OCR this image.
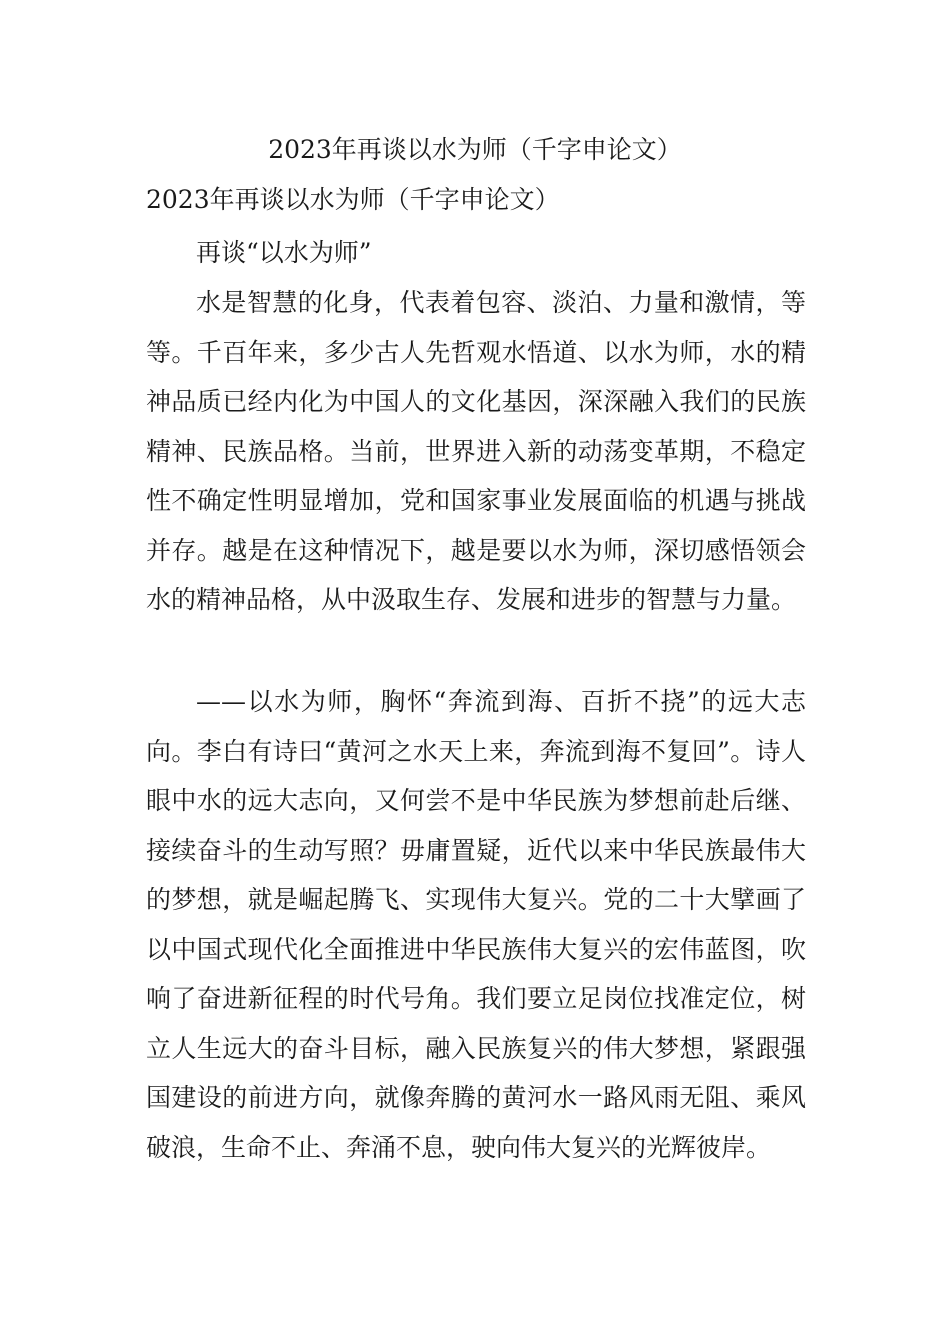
2023年再谈以水为师（千字申论文）
2023年再谈以水为师（千字申论文）

再谈“以水为师”

水是智慧的化身，代表着包容、淡泊、力量和激情，等等。千百年来，多少古人先哲观水悟道、以水为师，水的精神品质已经内化为中国人的文化基因，深深融入我们的民族精神、民族品格。当前，世界进入新的动荡变革期，不稳定性不确定性明显增加，党和国家事业发展面临的机遇与挑战并存。越是在这种情况下，越是要以水为师，深切感悟领会水的精神品格，从中汲取生存、发展和进步的智慧与力量。

——以水为师，胸怀“奔流到海、百折不挠”的远大志向。李白有诗曰“黄河之水天上来，奔流到海不复回”。诗人眼中水的远大志向，又何尝不是中华民族为梦想前赴后继、接续奋斗的生动写照？毋庸置疑，近代以来中华民族最伟大的梦想，就是崛起腾飞、实现伟大复兴。党的二十大擘画了以中国式现代化全面推进中华民族伟大复兴的宏伟蓝图，吹响了奋进新征程的时代号角。我们要立足岗位找准定位，树立人生远大的奋斗目标，融入民族复兴的伟大梦想，紧跟强国建设的前进方向，就像奔腾的黄河水一路风雨无阻、乘风破浪，生命不止、奔涌不息，驶向伟大复兴的光辉彼岸。
